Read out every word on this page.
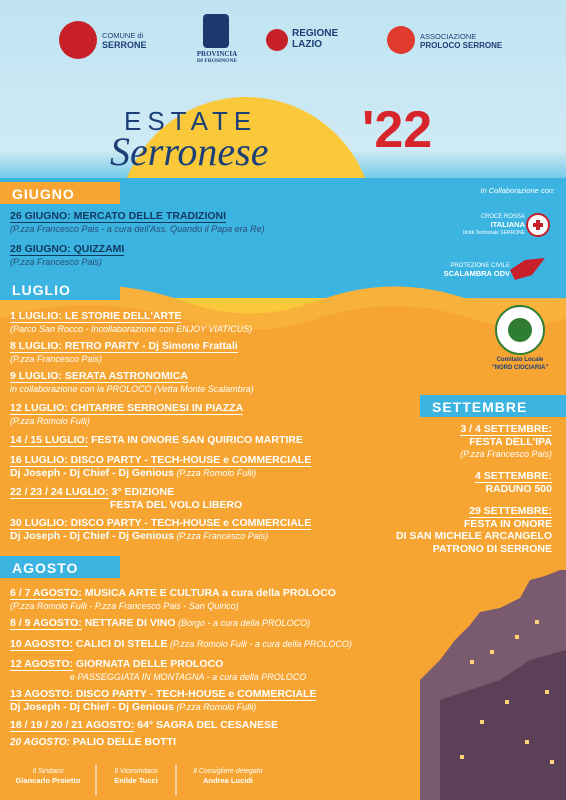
COMUNE di
SERRONE
PROVINCIA
DI FROSINONE
REGIONE
LAZIO
ASSOCIAZIONE
PROLOCO SERRONE
ESTATE
Serronese '22
In Collaborazione con:
CROCE ROSSA
ITALIANA
Unità Territoriale SERRONE
PROTEZIONE CIVILE
SCALAMBRA ODV
Comitato Locale
"NORD CIOCIARIA"
GIUGNO
LUGLIO
SETTEMBRE
AGOSTO
26 GIUGNO: MERCATO DELLE TRADIZIONI
(P.zza Francesco Pais - a cura dell'Ass. Quando il Papa era Re)
28 GIUGNO: QUIZZAMI
(P.zza Francesco Pais)
1 LUGLIO: LE STORIE DELL'ARTE
(Parco San Rocco - Incollaborazione con ENJOY VIATICUS)
8 LUGLIO: RETRO PARTY - Dj Simone Frattali
(P.zza Francesco Pais)
9 LUGLIO: SERATA ASTRONOMICA
in collaborazione con la PROLOCO (Vetta Monte Scalambra)
12 LUGLIO: CHITARRE SERRONESI IN PIAZZA
(P.zza Romolo Fulli)
14 / 15 LUGLIO: FESTA IN ONORE SAN QUIRICO MARTIRE
16 LUGLIO: DISCO PARTY - TECH-HOUSE e COMMERCIALE
Dj Joseph - Dj Chief - Dj Genious (P.zza Romolo Fulli)
22 / 23 / 24 LUGLIO: 3° EDIZIONE
FESTA DEL VOLO LIBERO
30 LUGLIO: DISCO PARTY - TECH-HOUSE e COMMERCIALE
Dj Joseph - Dj Chief - Dj Genious (P.zza Francesco Pais)
3 / 4 SETTEMBRE:
FESTA DELL'IPA
(P.zza Francesco Pais)
4 SETTEMBRE:
RADUNO 500
29 SETTEMBRE:
FESTA IN ONORE
DI SAN MICHELE ARCANGELO
PATRONO DI SERRONE
6 / 7 AGOSTO: MUSICA ARTE E CULTURA a cura della PROLOCO
(P.zza Romolo Fulli - P.zza Francesco Pais - San Quirico)
8 / 9 AGOSTO: NETTARE DI VINO (Borgo - a cura della PROLOCO)
10 AGOSTO: CALICI DI STELLE (P.zza Romolo Fulli - a cura della PROLOCO)
12 AGOSTO: GIORNATA DELLE PROLOCO
e PASSEGGIATA IN MONTAGNA - a cura della PROLOCO
13 AGOSTO: DISCO PARTY - TECH-HOUSE e COMMERCIALE
Dj Joseph - Dj Chief - Dj Genious (P.zza Romolo Fulli)
18 / 19 / 20 / 21 AGOSTO: 64° SAGRA DEL CESANESE
20 AGOSTO: PALIO DELLE BOTTI
Il Sindaco
Giancarlo Proietto
Il Vicesindaco
Enilde Tucci
Il Consigliere delegato
Andrea Lucidi
